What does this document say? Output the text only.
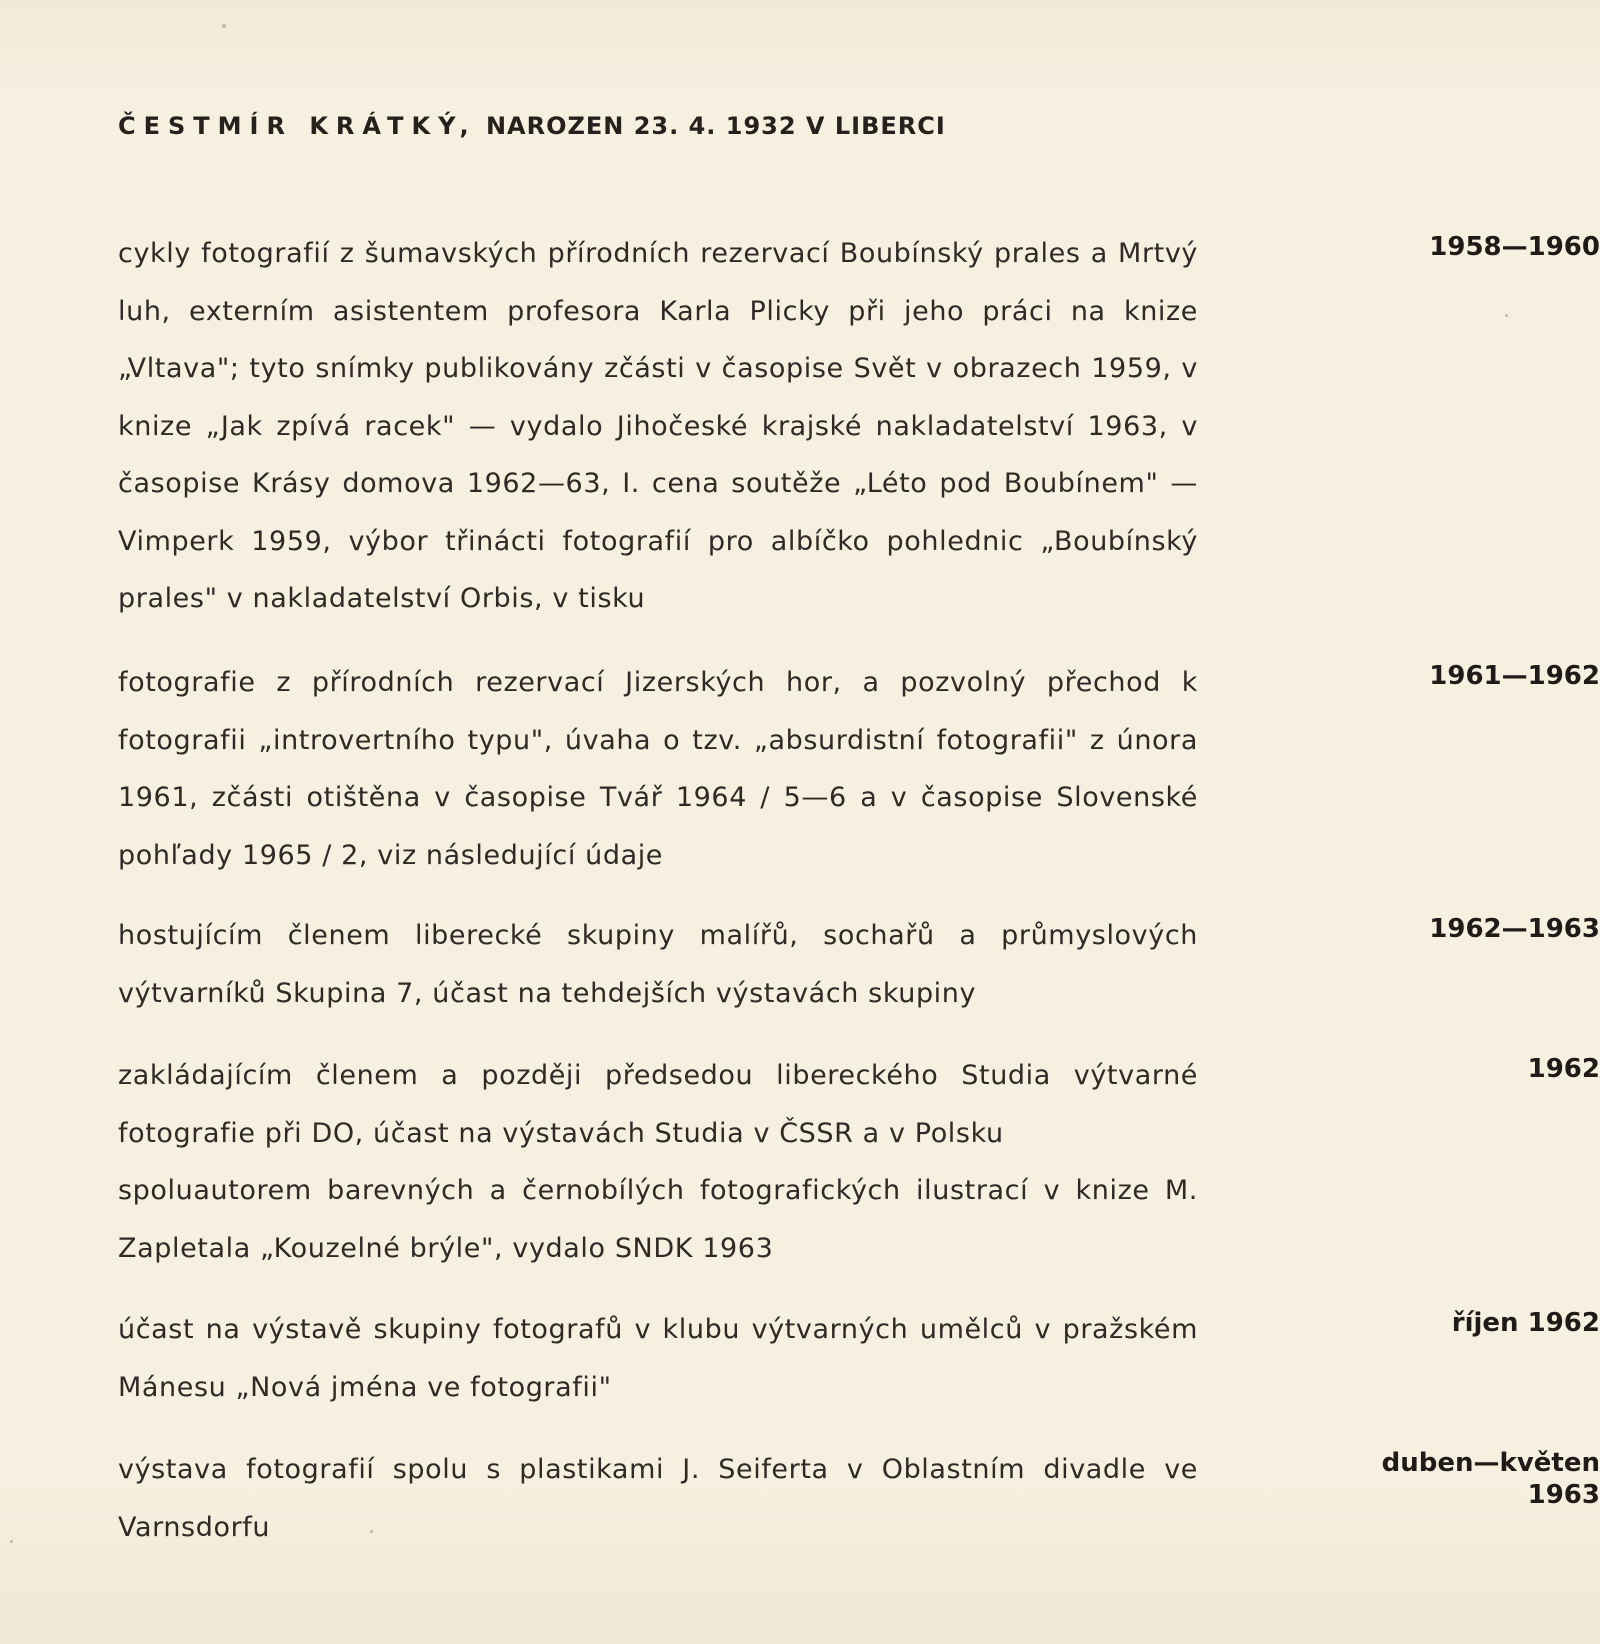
ČESTMÍR KRÁTKÝ, NAROZEN 23. 4. 1932 V LIBERCI

cykly fotografií z šumavských přírodních rezervací Boubínský prales a Mrtvý luh, externím asistentem profesora Karla Plicky při jeho práci na knize „Vltava"; tyto snímky publikovány zčásti v časopise Svět v obrazech 1959, v knize „Jak zpívá racek" — vydalo Jihočeské krajské nakladatelství 1963, v časopise Krásy domova 1962—63, I. cena soutěže „Léto pod Boubínem" — Vimperk 1959, výbor třinácti fotografií pro albíčko pohlednic „Boubínský prales" v nakladatelství Orbis, v tisku

1958—1960

fotografie z přírodních rezervací Jizerských hor, a pozvolný přechod k fotografii „introvertního typu", úvaha o tzv. „absurdistní fotografii" z února 1961, zčásti otištěna v časopise Tvář 1964 / 5—6 a v časopise Slovenské pohľady 1965 / 2, viz následující údaje

1961—1962

hostujícím členem liberecké skupiny malířů, sochařů a průmyslových výtvarníků Skupina 7, účast na tehdejších výstavách skupiny

1962—1963

zakládajícím členem a později předsedou libereckého Studia výtvarné fotografie při DO, účast na výstavách Studia v ČSSR a v Polsku

spoluautorem barevných a černobílých fotografických ilustrací v knize M. Zapletala „Kouzelné brýle", vydalo SNDK 1963

1962

účast na výstavě skupiny fotografů v klubu výtvarných umělců v pražském Mánesu „Nová jména ve fotografii"

říjen 1962

výstava fotografií spolu s plastikami J. Seiferta v Oblastním divadle ve Varnsdorfu

duben—květen
1963
